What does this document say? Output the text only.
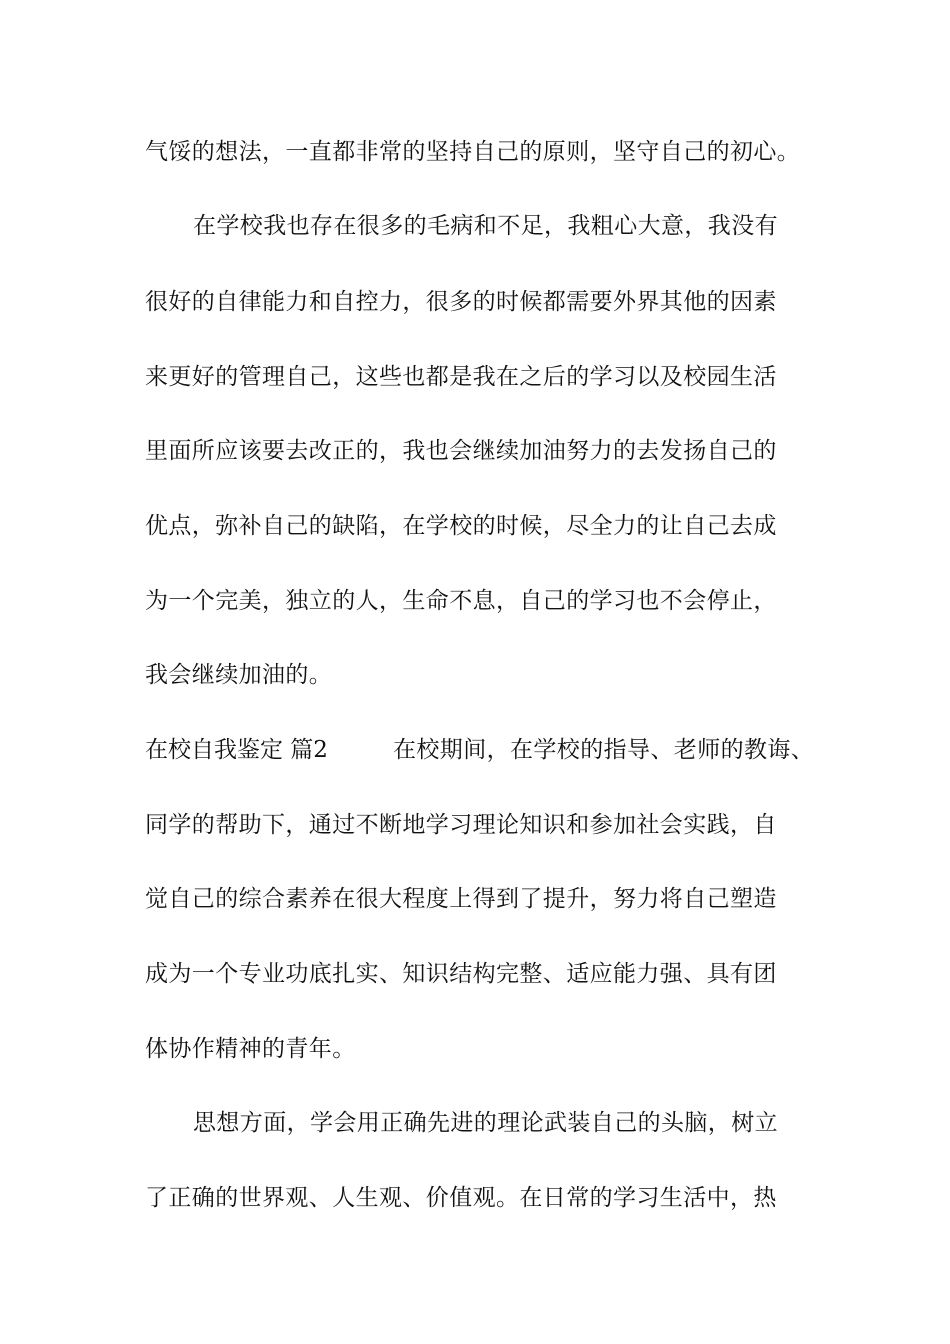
气馁的想法，一直都非常的坚持自己的原则，坚守自己的初心。

在学校我也存在很多的毛病和不足，我粗心大意，我没有

很好的自律能力和自控力，很多的时候都需要外界其他的因素

来更好的管理自己，这些也都是我在之后的学习以及校园生活

里面所应该要去改正的，我也会继续加油努力的去发扬自己的

优点，弥补自己的缺陷，在学校的时候，尽全力的让自己去成

为一个完美，独立的人，生命不息，自己的学习也不会停止，

我会继续加油的。

在校自我鉴定 篇2	在校期间，在学校的指导、老师的教诲、

同学的帮助下，通过不断地学习理论知识和参加社会实践，自

觉自己的综合素养在很大程度上得到了提升，努力将自己塑造

成为一个专业功底扎实、知识结构完整、适应能力强、具有团

体协作精神的青年。

思想方面，学会用正确先进的理论武装自己的头脑，树立

了正确的世界观、人生观、价值观。在日常的学习生活中，热
